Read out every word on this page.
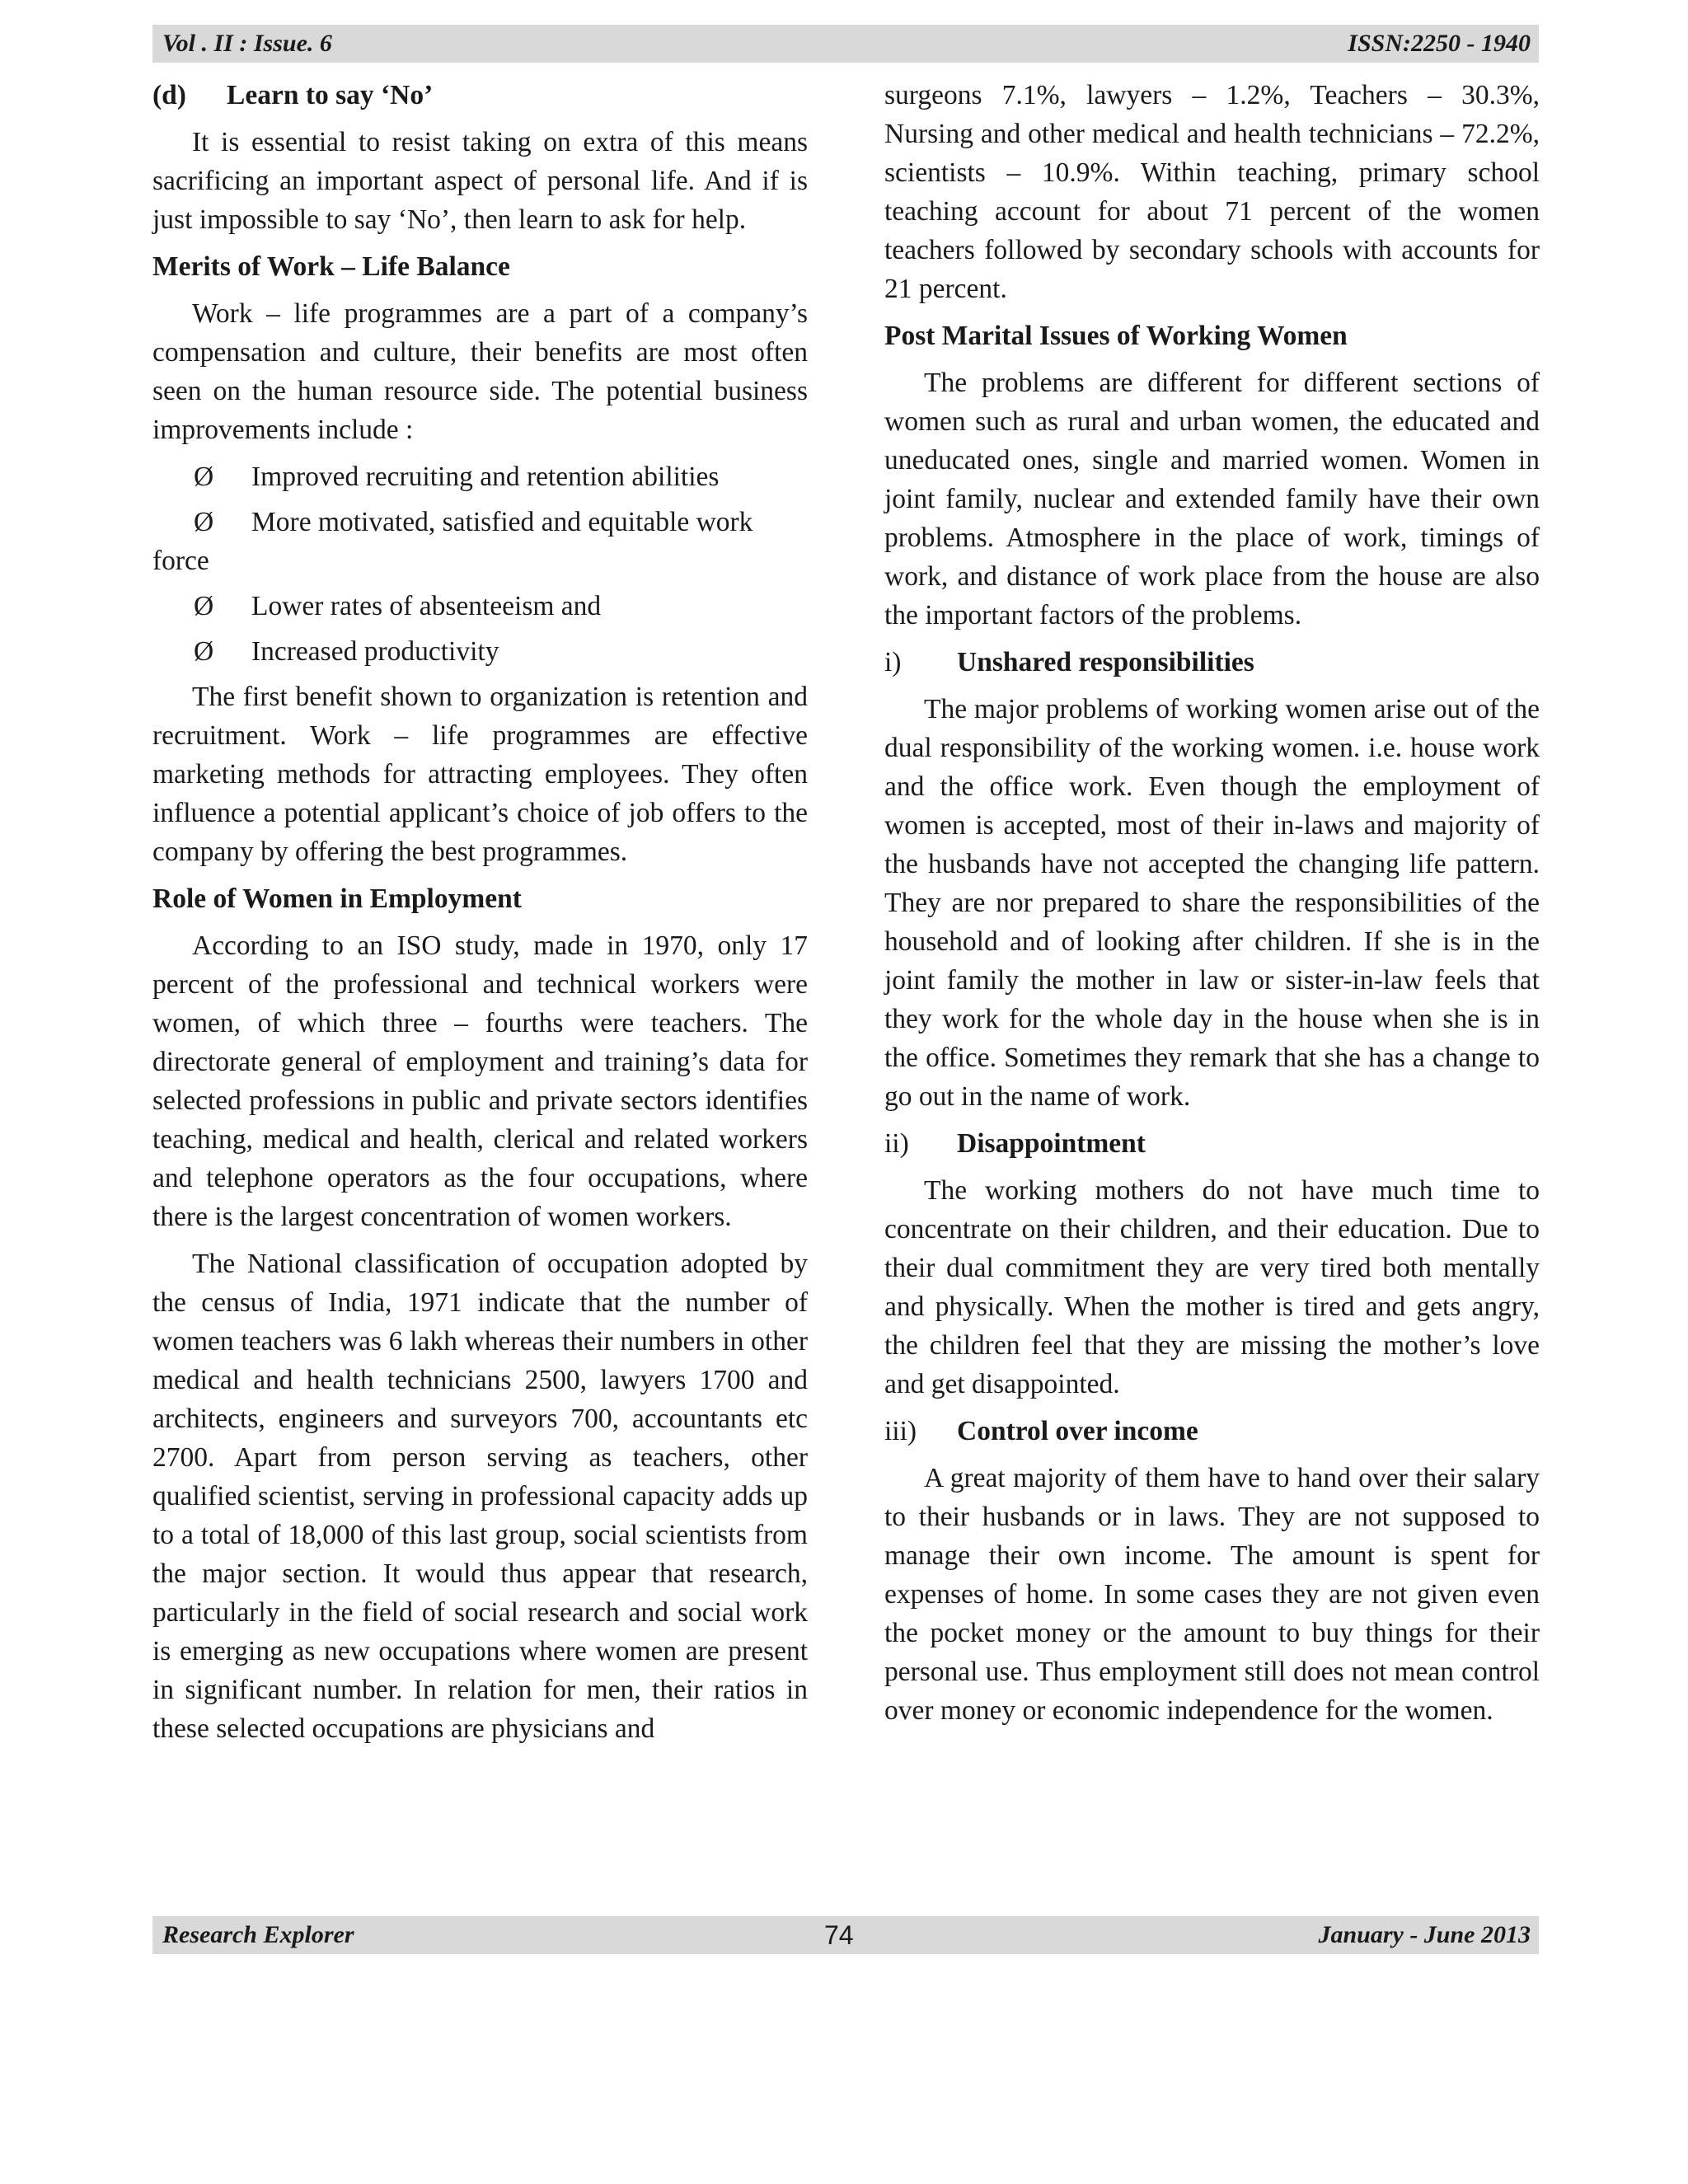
Vol . II : Issue. 6	ISSN:2250 - 1940
(d) Learn to say ‘No’

It is essential to resist taking on extra of this means sacrificing an important aspect of personal life. And if is just impossible to say ‘No’, then learn to ask for help.

Merits of Work – Life Balance

Work – life programmes are a part of a company’s compensation and culture, their benefits are most often seen on the human resource side. The potential business improvements include :

Ø	Improved recruiting and retention abilities
Ø	More motivated, satisfied and equitable work force
Ø	Lower rates of absenteeism and
Ø	Increased productivity

The first benefit shown to organization is retention and recruitment. Work – life programmes are effective marketing methods for attracting employees. They often influence a potential applicant’s choice of job offers to the company by offering the best programmes.

Role of Women in Employment

According to an ISO study, made in 1970, only 17 percent of the professional and technical workers were women, of which three – fourths were teachers. The directorate general of employment and training’s data for selected professions in public and private sectors identifies teaching, medical and health, clerical and related workers and telephone operators as the four occupations, where there is the largest concentration of women workers.

The National classification of occupation adopted by the census of India, 1971 indicate that the number of women teachers was 6 lakh whereas their numbers in other medical and health technicians 2500, lawyers 1700 and architects, engineers and surveyors 700, accountants etc 2700. Apart from person serving as teachers, other qualified scientist, serving in professional capacity adds up to a total of 18,000 of this last group, social scientists from the major section. It would thus appear that research, particularly in the field of social research and social work is emerging as new occupations where women are present in significant number. In relation for men, their ratios in these selected occupations are physicians and

surgeons 7.1%, lawyers – 1.2%, Teachers – 30.3%, Nursing and other medical and health technicians – 72.2%, scientists – 10.9%. Within teaching, primary school teaching account for about 71 percent of the women teachers followed by secondary schools with accounts for 21 percent.

Post Marital Issues of Working Women

The problems are different for different sections of women such as rural and urban women, the educated and uneducated ones, single and married women. Women in joint family, nuclear and extended family have their own problems. Atmosphere in the place of work, timings of work, and distance of work place from the house are also the important factors of the problems.

i) Unshared responsibilities

The major problems of working women arise out of the dual responsibility of the working women. i.e. house work and the office work. Even though the employment of women is accepted, most of their in-laws and majority of the husbands have not accepted the changing life pattern. They are nor prepared to share the responsibilities of the household and of looking after children. If she is in the joint family the mother in law or sister-in-law feels that they work for the whole day in the house when she is in the office. Sometimes they remark that she has a change to go out in the name of work.

ii) Disappointment

The working mothers do not have much time to concentrate on their children, and their education. Due to their dual commitment they are very tired both mentally and physically. When the mother is tired and gets angry, the children feel that they are missing the mother’s love and get disappointed.

iii) Control over income

A great majority of them have to hand over their salary to their husbands or in laws. They are not supposed to manage their own income. The amount is spent for expenses of home. In some cases they are not given even the pocket money or the amount to buy things for their personal use. Thus employment still does not mean control over money or economic independence for the women.

Research Explorer	74	January - June 2013
